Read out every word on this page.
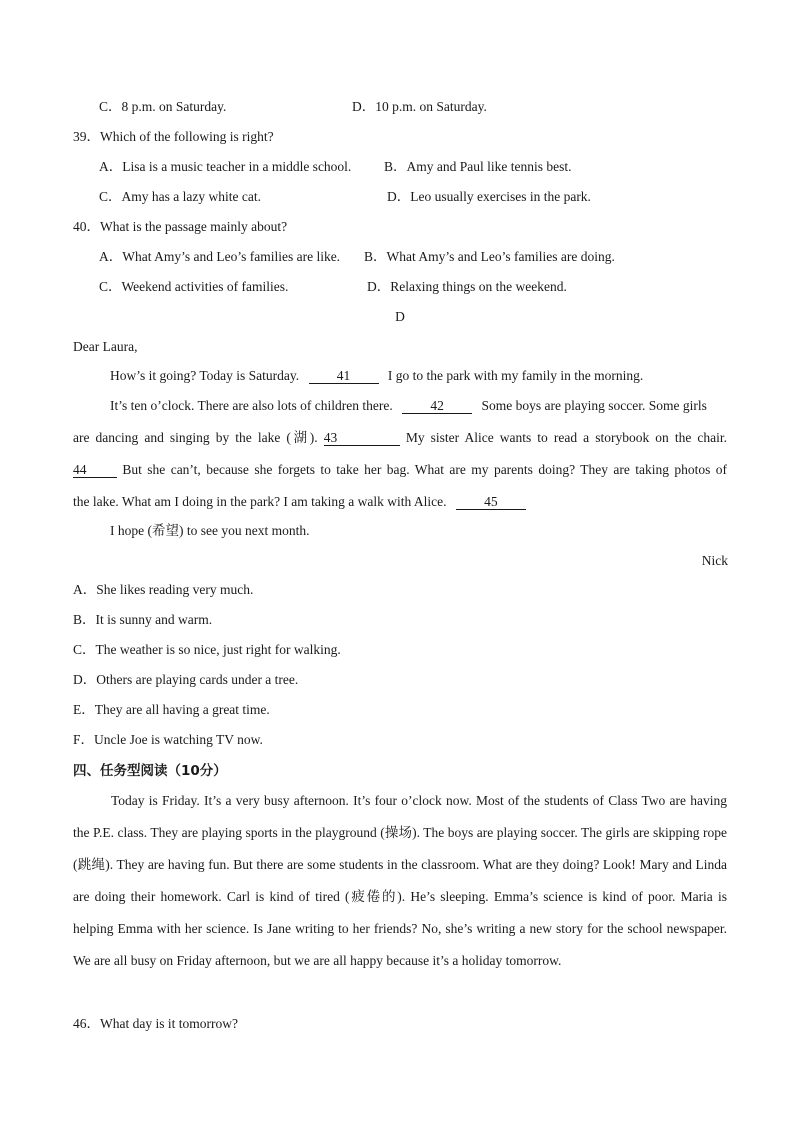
C．8 p.m. on Saturday.	D．10 p.m. on Saturday.
39．Which of the following is right?
A．Lisa is a music teacher in a middle school. B．Amy and Paul like tennis best.
C．Amy has a lazy white cat.	D．Leo usually exercises in the park.
40．What is the passage mainly about?
A．What Amy’s and Leo’s families are like. B．What Amy’s and Leo’s families are doing.
C．Weekend activities of families.	D．Relaxing things on the weekend.
D
Dear Laura,
How’s it going? Today is Saturday.	41	I go to the park with my family in the morning.
It’s ten o’clock. There are also lots of children there.	42	Some boys are playing soccer. Some girls
are dancing and singing by the lake (湖). 43	My sister Alice wants to read a storybook on the chair.
44	But she can’t, because she forgets to take her bag. What are my parents doing? They are taking photos of
the lake. What am I doing in the park? I am taking a walk with Alice.	45
I hope (希望) to see you next month.
Nick
A．She likes reading very much.
B．It is sunny and warm.
C．The weather is so nice, just right for walking.
D．Others are playing cards under a tree.
E．They are all having a great time.
F．Uncle Joe is watching TV now.
四、任务型阅读（10分）
Today is Friday. It’s a very busy afternoon. It’s four o’clock now. Most of the students of Class Two are having the P.E. class. They are playing sports in the playground (操场). The boys are playing soccer. The girls are skipping rope (跳绳). They are having fun. But there are some students in the classroom. What are they doing? Look! Mary and Linda are doing their homework. Carl is kind of tired (疲倦的). He’s sleeping. Emma’s science is kind of poor. Maria is helping Emma with her science. Is Jane writing to her friends? No, she’s writing a new story for the school newspaper. We are all busy on Friday afternoon, but we are all happy because it’s a holiday tomorrow.
46．What day is it tomorrow?
